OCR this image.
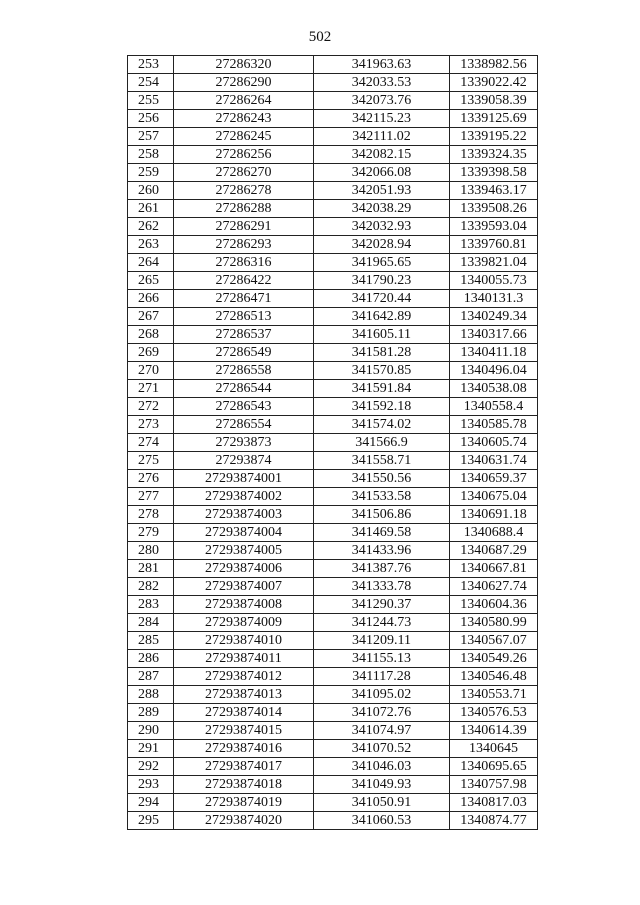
502
253	27286320	341963.63	1338982.56
254	27286290	342033.53	1339022.42
255	27286264	342073.76	1339058.39
256	27286243	342115.23	1339125.69
257	27286245	342111.02	1339195.22
258	27286256	342082.15	1339324.35
259	27286270	342066.08	1339398.58
260	27286278	342051.93	1339463.17
261	27286288	342038.29	1339508.26
262	27286291	342032.93	1339593.04
263	27286293	342028.94	1339760.81
264	27286316	341965.65	1339821.04
265	27286422	341790.23	1340055.73
266	27286471	341720.44	1340131.3
267	27286513	341642.89	1340249.34
268	27286537	341605.11	1340317.66
269	27286549	341581.28	1340411.18
270	27286558	341570.85	1340496.04
271	27286544	341591.84	1340538.08
272	27286543	341592.18	1340558.4
273	27286554	341574.02	1340585.78
274	27293873	341566.9	1340605.74
275	27293874	341558.71	1340631.74
276	27293874001	341550.56	1340659.37
277	27293874002	341533.58	1340675.04
278	27293874003	341506.86	1340691.18
279	27293874004	341469.58	1340688.4
280	27293874005	341433.96	1340687.29
281	27293874006	341387.76	1340667.81
282	27293874007	341333.78	1340627.74
283	27293874008	341290.37	1340604.36
284	27293874009	341244.73	1340580.99
285	27293874010	341209.11	1340567.07
286	27293874011	341155.13	1340549.26
287	27293874012	341117.28	1340546.48
288	27293874013	341095.02	1340553.71
289	27293874014	341072.76	1340576.53
290	27293874015	341074.97	1340614.39
291	27293874016	341070.52	1340645
292	27293874017	341046.03	1340695.65
293	27293874018	341049.93	1340757.98
294	27293874019	341050.91	1340817.03
295	27293874020	341060.53	1340874.77
